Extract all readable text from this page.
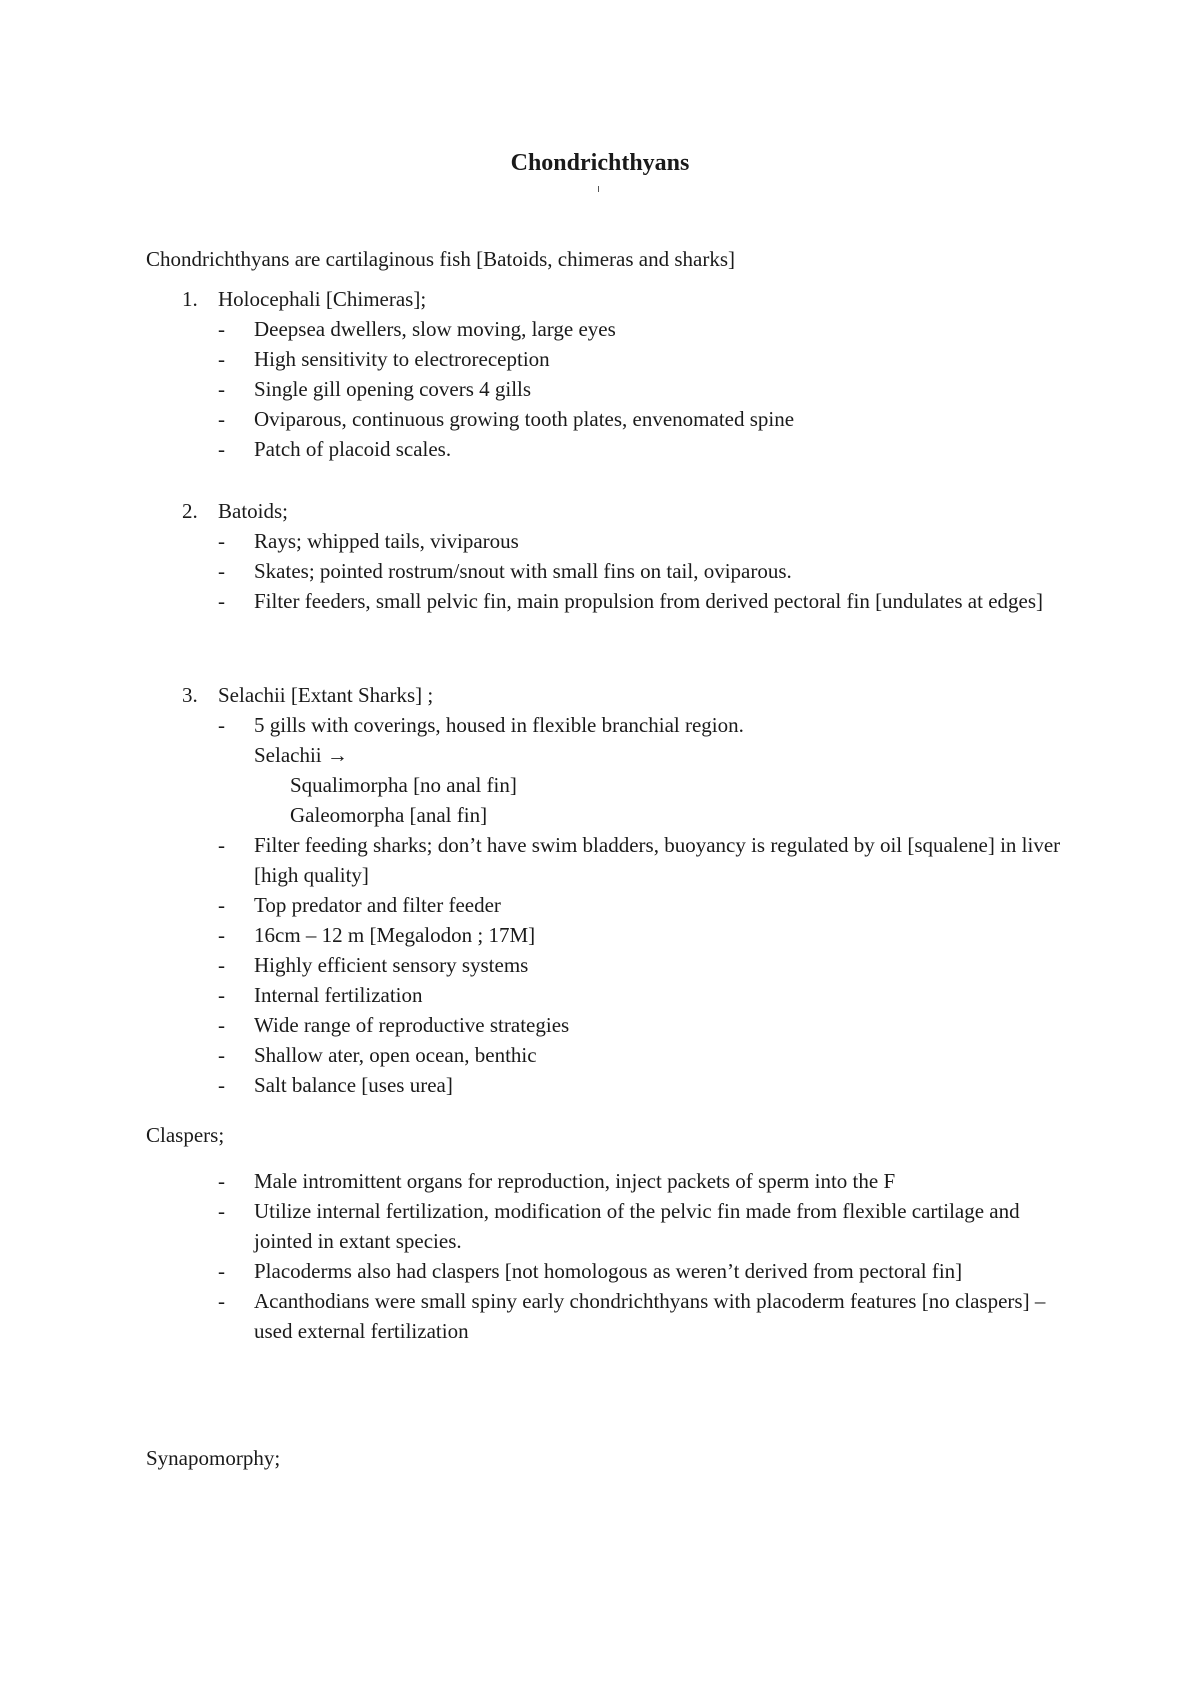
Chondrichthyans

Chondrichthyans are cartilaginous fish [Batoids, chimeras and sharks]

1. Holocephali [Chimeras];
- Deepsea dwellers, slow moving, large eyes
- High sensitivity to electroreception
- Single gill opening covers 4 gills
- Oviparous, continuous growing tooth plates, envenomated spine
- Patch of placoid scales.
2. Batoids;
- Rays; whipped tails, viviparous
- Skates; pointed rostrum/snout with small fins on tail, oviparous.
- Filter feeders, small pelvic fin, main propulsion from derived pectoral fin [undulates at edges]
3. Selachii [Extant Sharks] ;
- 5 gills with coverings, housed in flexible branchial region.
Selachii →
Squalimorpha [no anal fin]
Galeomorpha [anal fin]
- Filter feeding sharks; don’t have swim bladders, buoyancy is regulated by oil [squalene] in liver [high quality]
- Top predator and filter feeder
- 16cm – 12 m [Megalodon ; 17M]
- Highly efficient sensory systems
- Internal fertilization
- Wide range of reproductive strategies
- Shallow ater, open ocean, benthic
- Salt balance [uses urea]

Claspers;

- Male intromittent organs for reproduction, inject packets of sperm into the F
- Utilize internal fertilization, modification of the pelvic fin made from flexible cartilage and jointed in extant species.
- Placoderms also had claspers [not homologous as weren’t derived from pectoral fin]
- Acanthodians were small spiny early chondrichthyans with placoderm features [no claspers] – used external fertilization

Synapomorphy;
